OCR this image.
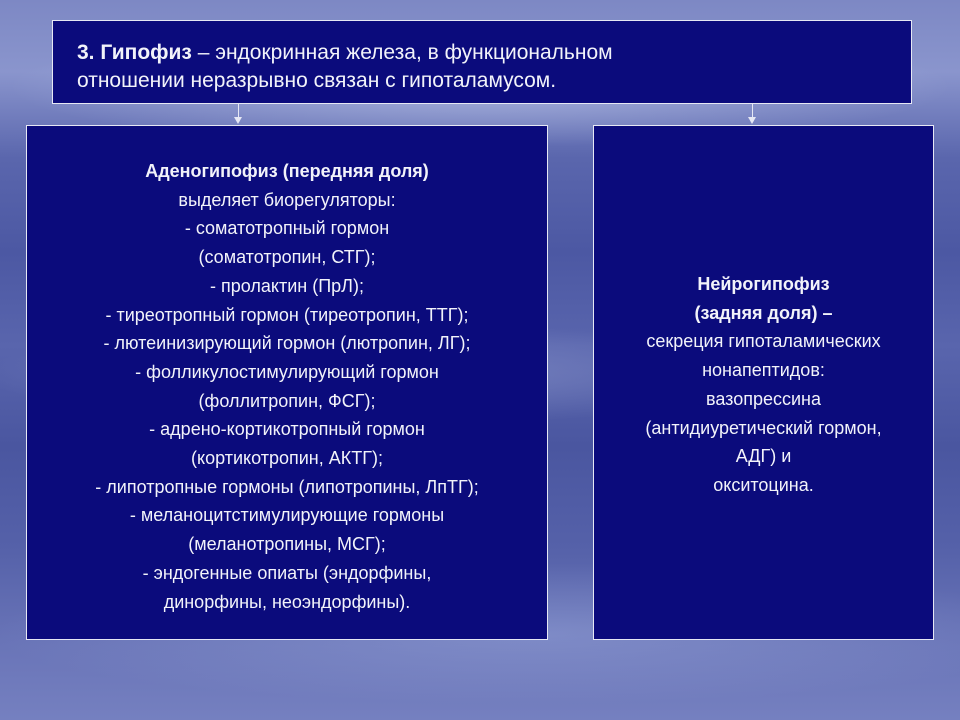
3. Гипофиз – эндокринная железа, в функциональном
отношении неразрывно связан с гипоталамусом.
Аденогипофиз (передняя доля)
выделяет биорегуляторы:
- соматотропный гормон
(соматотропин, СТГ);
- пролактин (ПрЛ);
- тиреотропный гормон (тиреотропин, ТТГ);
- лютеинизирующий гормон (лютропин, ЛГ);
- фолликулостимулирующий гормон
(фоллитропин, ФСГ);
- адрено-кортикотропный гормон
(кортикотропин, АКТГ);
- липотропные гормоны (липотропины, ЛпТГ);
- меланоцитстимулирующие гормоны
(меланотропины, МСГ);
- эндогенные опиаты (эндорфины,
динорфины, неоэндорфины).
Нейрогипофиз
(задняя доля) –
секреция гипоталамических
нонапептидов:
вазопрессина
(антидиуретический гормон,
АДГ) и
окситоцина.
